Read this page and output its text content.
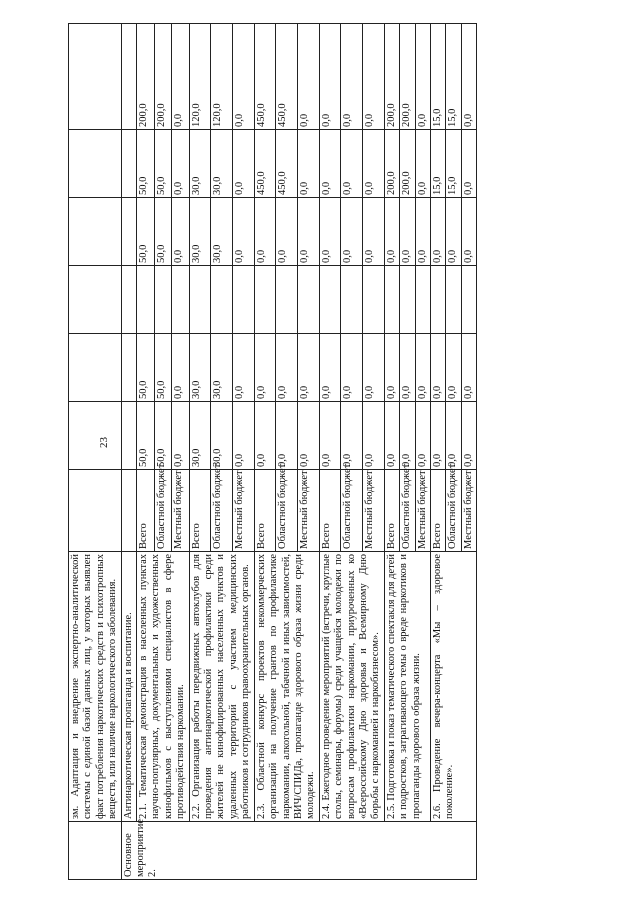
23
	зм. Адаптация и внедрение экспертно-аналитической системы с единой базой данных лиц, у которых выявлен факт потребления наркотических средств и психотропных веществ, или наличие наркологического заболевания.							
Основное мероприятие 2.	Антинаркотическая пропаганда и воспитание.							
	2.1. Тематическая демонстрация в населенных пунктах научно-популярных, документальных и художественных кинофильмов с выступлениями специалистов в сфере противодействия наркомании.	Всего	50,0	50,0		50,0	50,0	200,0
		Областной бюджет	50,0	50,0		50,0	50,0	200,0
		Местный бюджет	0,0	0,0		0,0	0,0	0,0
	2.2. Организация работы передвижных автоклубов для проведения антинаркотической профилактики среди жителей не кинофицированных населенных пунктов и удаленных территорий с участием медицинских работников и сотрудников правоохранительных органов.	Всего	30,0	30,0		30,0	30,0	120,0
		Областной бюджет	30,0	30,0		30,0	30,0	120,0
		Местный бюджет	0,0	0,0		0,0	0,0	0,0
	2.3. Областной конкурс проектов некоммерческих организаций на получение грантов по профилактике наркомании, алкогольной, табачной и иных зависимостей, ВИЧ/СПИДа, пропаганде здорового образа жизни среди молодежи.	Всего	0,0	0,0		0,0	450,0	450,0
		Областной бюджет	0,0	0,0		0,0	450,0	450,0
		Местный бюджет	0,0	0,0		0,0	0,0	0,0
	2.4. Ежегодное проведение мероприятий (встречи, круглые столы, семинары, форумы) среди учащейся молодежи по вопросам профилактики наркомании, приуроченных ко «Всероссийскому Дню здоровья и Всемирному Дню борьбы с наркоманией и наркобизнесом».	Всего	0,0	0,0		0,0	0,0	0,0
		Областной бюджет	0,0	0,0		0,0	0,0	0,0
		Местный бюджет	0,0	0,0		0,0	0,0	0,0
	2.5. Подготовка и показ тематического спектакля для детей и подростков, затрагивающего темы о вреде наркотиков и пропаганды здорового образа жизни.	Всего	0,0	0,0		0,0	200,0	200,0
		Областной бюджет	0,0	0,0		0,0	200,0	200,0
		Местный бюджет	0,0	0,0		0,0	0,0	0,0
	2.6. Проведение вечера-концерта «Мы – здоровое поколение».	Всего	0,0	0,0		0,0	15,0	15,0
		Областной бюджет	0,0	0,0		0,0	15,0	15,0
		Местный бюджет	0,0	0,0		0,0	0,0	0,0
